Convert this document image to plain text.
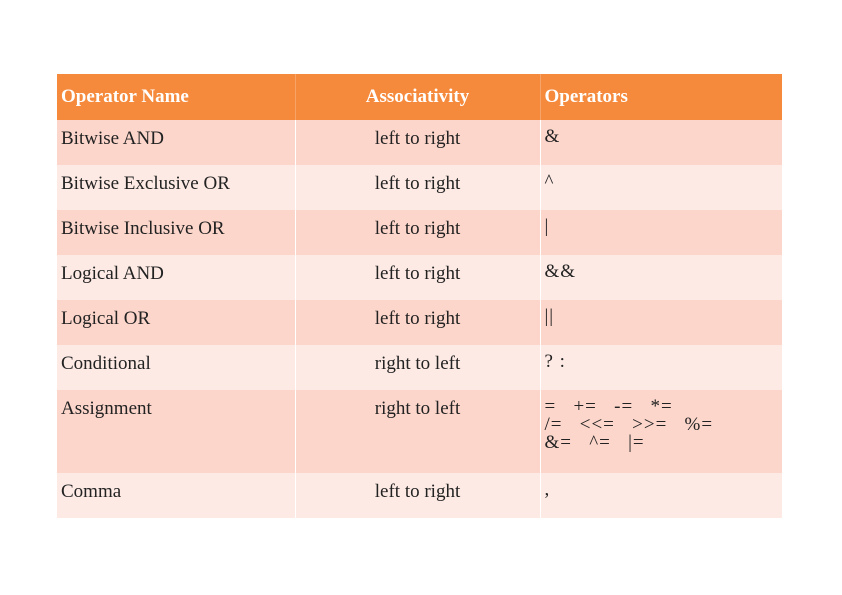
Operator Name	Associativity	Operators
Bitwise AND	left to right	&

Bitwise Exclusive OR	left to right	^

Bitwise Inclusive OR	left to right	|

Logical AND	left to right	&&

Logical OR	left to right	||

Conditional	right to left	? :

Assignment	right to left	=   +=   -=   *=
/=   <<=   >>=   %=
&=   ^=   |=

Comma	left to right	,
